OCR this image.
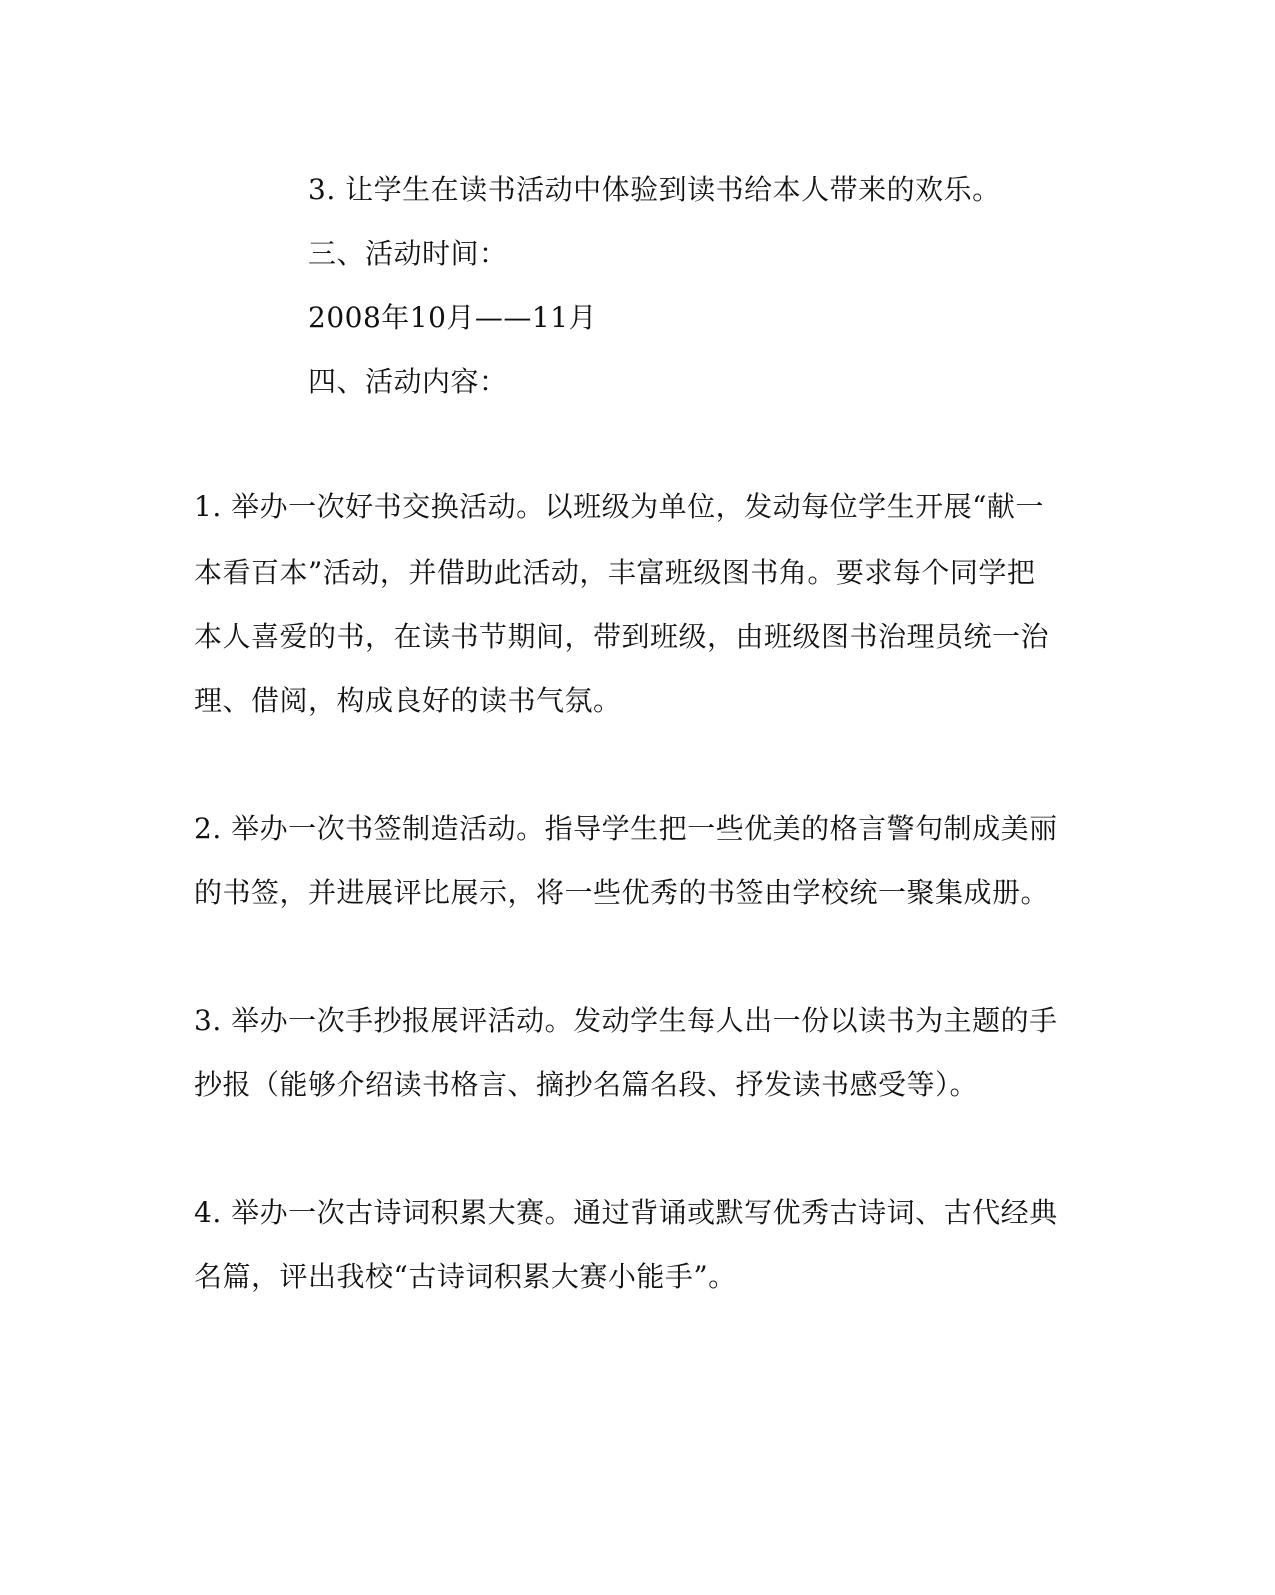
3. 让学生在读书活动中体验到读书给本人带来的欢乐。
三、活动时间：
2008年10月——11月
四、活动内容：
1. 举办一次好书交换活动。以班级为单位，发动每位学生开展“献一
本看百本”活动，并借助此活动，丰富班级图书角。要求每个同学把
本人喜爱的书，在读书节期间，带到班级，由班级图书治理员统一治
理、借阅，构成良好的读书气氛。
2. 举办一次书签制造活动。指导学生把一些优美的格言警句制成美丽
的书签，并进展评比展示，将一些优秀的书签由学校统一聚集成册。
3. 举办一次手抄报展评活动。发动学生每人出一份以读书为主题的手
抄报（能够介绍读书格言、摘抄名篇名段、抒发读书感受等）。
4. 举办一次古诗词积累大赛。通过背诵或默写优秀古诗词、古代经典
名篇，评出我校“古诗词积累大赛小能手”。
